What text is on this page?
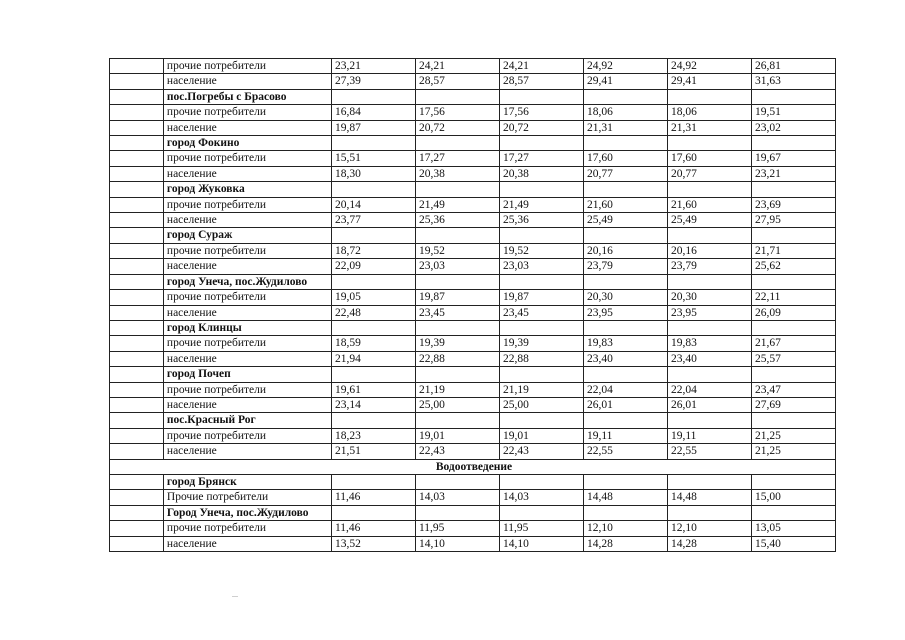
	прочие потребители	23,21	24,21	24,21	24,92	24,92	26,81
	население	27,39	28,57	28,57	29,41	29,41	31,63
	пос.Погребы с Брасово						
	прочие потребители	16,84	17,56	17,56	18,06	18,06	19,51
	население	19,87	20,72	20,72	21,31	21,31	23,02
	город Фокино						
	прочие потребители	15,51	17,27	17,27	17,60	17,60	19,67
	население	18,30	20,38	20,38	20,77	20,77	23,21
	город Жуковка						
	прочие потребители	20,14	21,49	21,49	21,60	21,60	23,69
	население	23,77	25,36	25,36	25,49	25,49	27,95
	город Сураж						
	прочие потребители	18,72	19,52	19,52	20,16	20,16	21,71
	население	22,09	23,03	23,03	23,79	23,79	25,62
	город Унеча, пос.Жудилово						
	прочие потребители	19,05	19,87	19,87	20,30	20,30	22,11
	население	22,48	23,45	23,45	23,95	23,95	26,09
	город Клинцы						
	прочие потребители	18,59	19,39	19,39	19,83	19,83	21,67
	население	21,94	22,88	22,88	23,40	23,40	25,57
	город Почеп						
	прочие потребители	19,61	21,19	21,19	22,04	22,04	23,47
	население	23,14	25,00	25,00	26,01	26,01	27,69
	пос.Красный Рог						
	прочие потребители	18,23	19,01	19,01	19,11	19,11	21,25
	население	21,51	22,43	22,43	22,55	22,55	21,25
Водоотведение							
	город Брянск						
	Прочие потребители	11,46	14,03	14,03	14,48	14,48	15,00
	Город Унеча, пос.Жудилово						
	прочие потребители	11,46	11,95	11,95	12,10	12,10	13,05
	население	13,52	14,10	14,10	14,28	14,28	15,40
